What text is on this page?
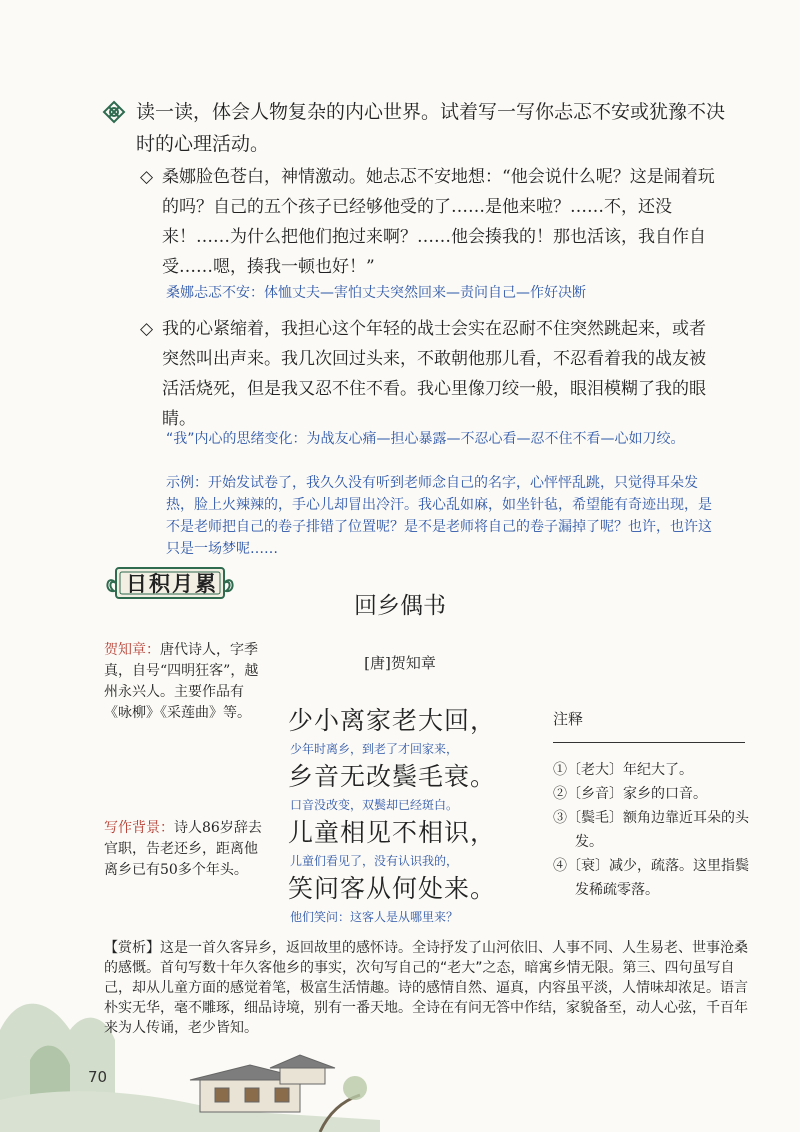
读一读，体会人物复杂的内心世界。试着写一写你忐忑不安或犹豫不决时的心理活动。
◇ 桑娜脸色苍白，神情激动。她忐忑不安地想：“他会说什么呢？这是闹着玩的吗？自己的五个孩子已经够他受的了……是他来啦？……不，还没来！……为什么把他们抱过来啊？……他会揍我的！那也活该，我自作自受……嗯，揍我一顿也好！”
桑娜忐忑不安：体恤丈夫—害怕丈夫突然回来—责问自己—作好决断
◇ 我的心紧缩着，我担心这个年轻的战士会实在忍耐不住突然跳起来，或者突然叫出声来。我几次回过头来，不敢朝他那儿看，不忍看着我的战友被活活烧死，但是我又忍不住不看。我心里像刀绞一般，眼泪模糊了我的眼睛。
“我”内心的思绪变化：为战友心痛—担心暴露—不忍心看—忍不住不看—心如刀绞。
示例：开始发试卷了，我久久没有听到老师念自己的名字，心怦怦乱跳，只觉得耳朵发热，脸上火辣辣的，手心儿却冒出冷汗。我心乱如麻，如坐针毡，希望能有奇迹出现，是不是老师把自己的卷子排错了位置呢？是不是老师将自己的卷子漏掉了呢？也许，也许这只是一场梦呢……
日积月累
回乡偶书
[唐]贺知章
少小离家老大回，
少年时离乡，到老了才回家来，
乡音无改鬓毛衰。
口音没改变，双鬓却已经斑白。
儿童相见不相识，
儿童们看见了，没有认识我的，
笑问客从何处来。
他们笑问：这客人是从哪里来？
贺知章：唐代诗人，字季真，自号“四明狂客”，越州永兴人。主要作品有《咏柳》《采莲曲》等。
写作背景：诗人86岁辞去官职，告老还乡，距离他离乡已有50多个年头。
注释
①〔老大〕年纪大了。
②〔乡音〕家乡的口音。
③〔鬓毛〕额角边靠近耳朵的头发。
④〔衰〕减少，疏落。这里指鬓发稀疏零落。
【赏析】这是一首久客异乡，返回故里的感怀诗。全诗抒发了山河依旧、人事不同、人生易老、世事沧桑的感慨。首句写数十年久客他乡的事实，次句写自己的“老大”之态，暗寓乡情无限。第三、四句虽写自己，却从儿童方面的感觉着笔，极富生活情趣。诗的感情自然、逼真，内容虽平淡，人情味却浓足。语言朴实无华，毫不雕琢，细品诗境，别有一番天地。全诗在有问无答中作结，家貌备至，动人心弦，千百年来为人传诵，老少皆知。
70
